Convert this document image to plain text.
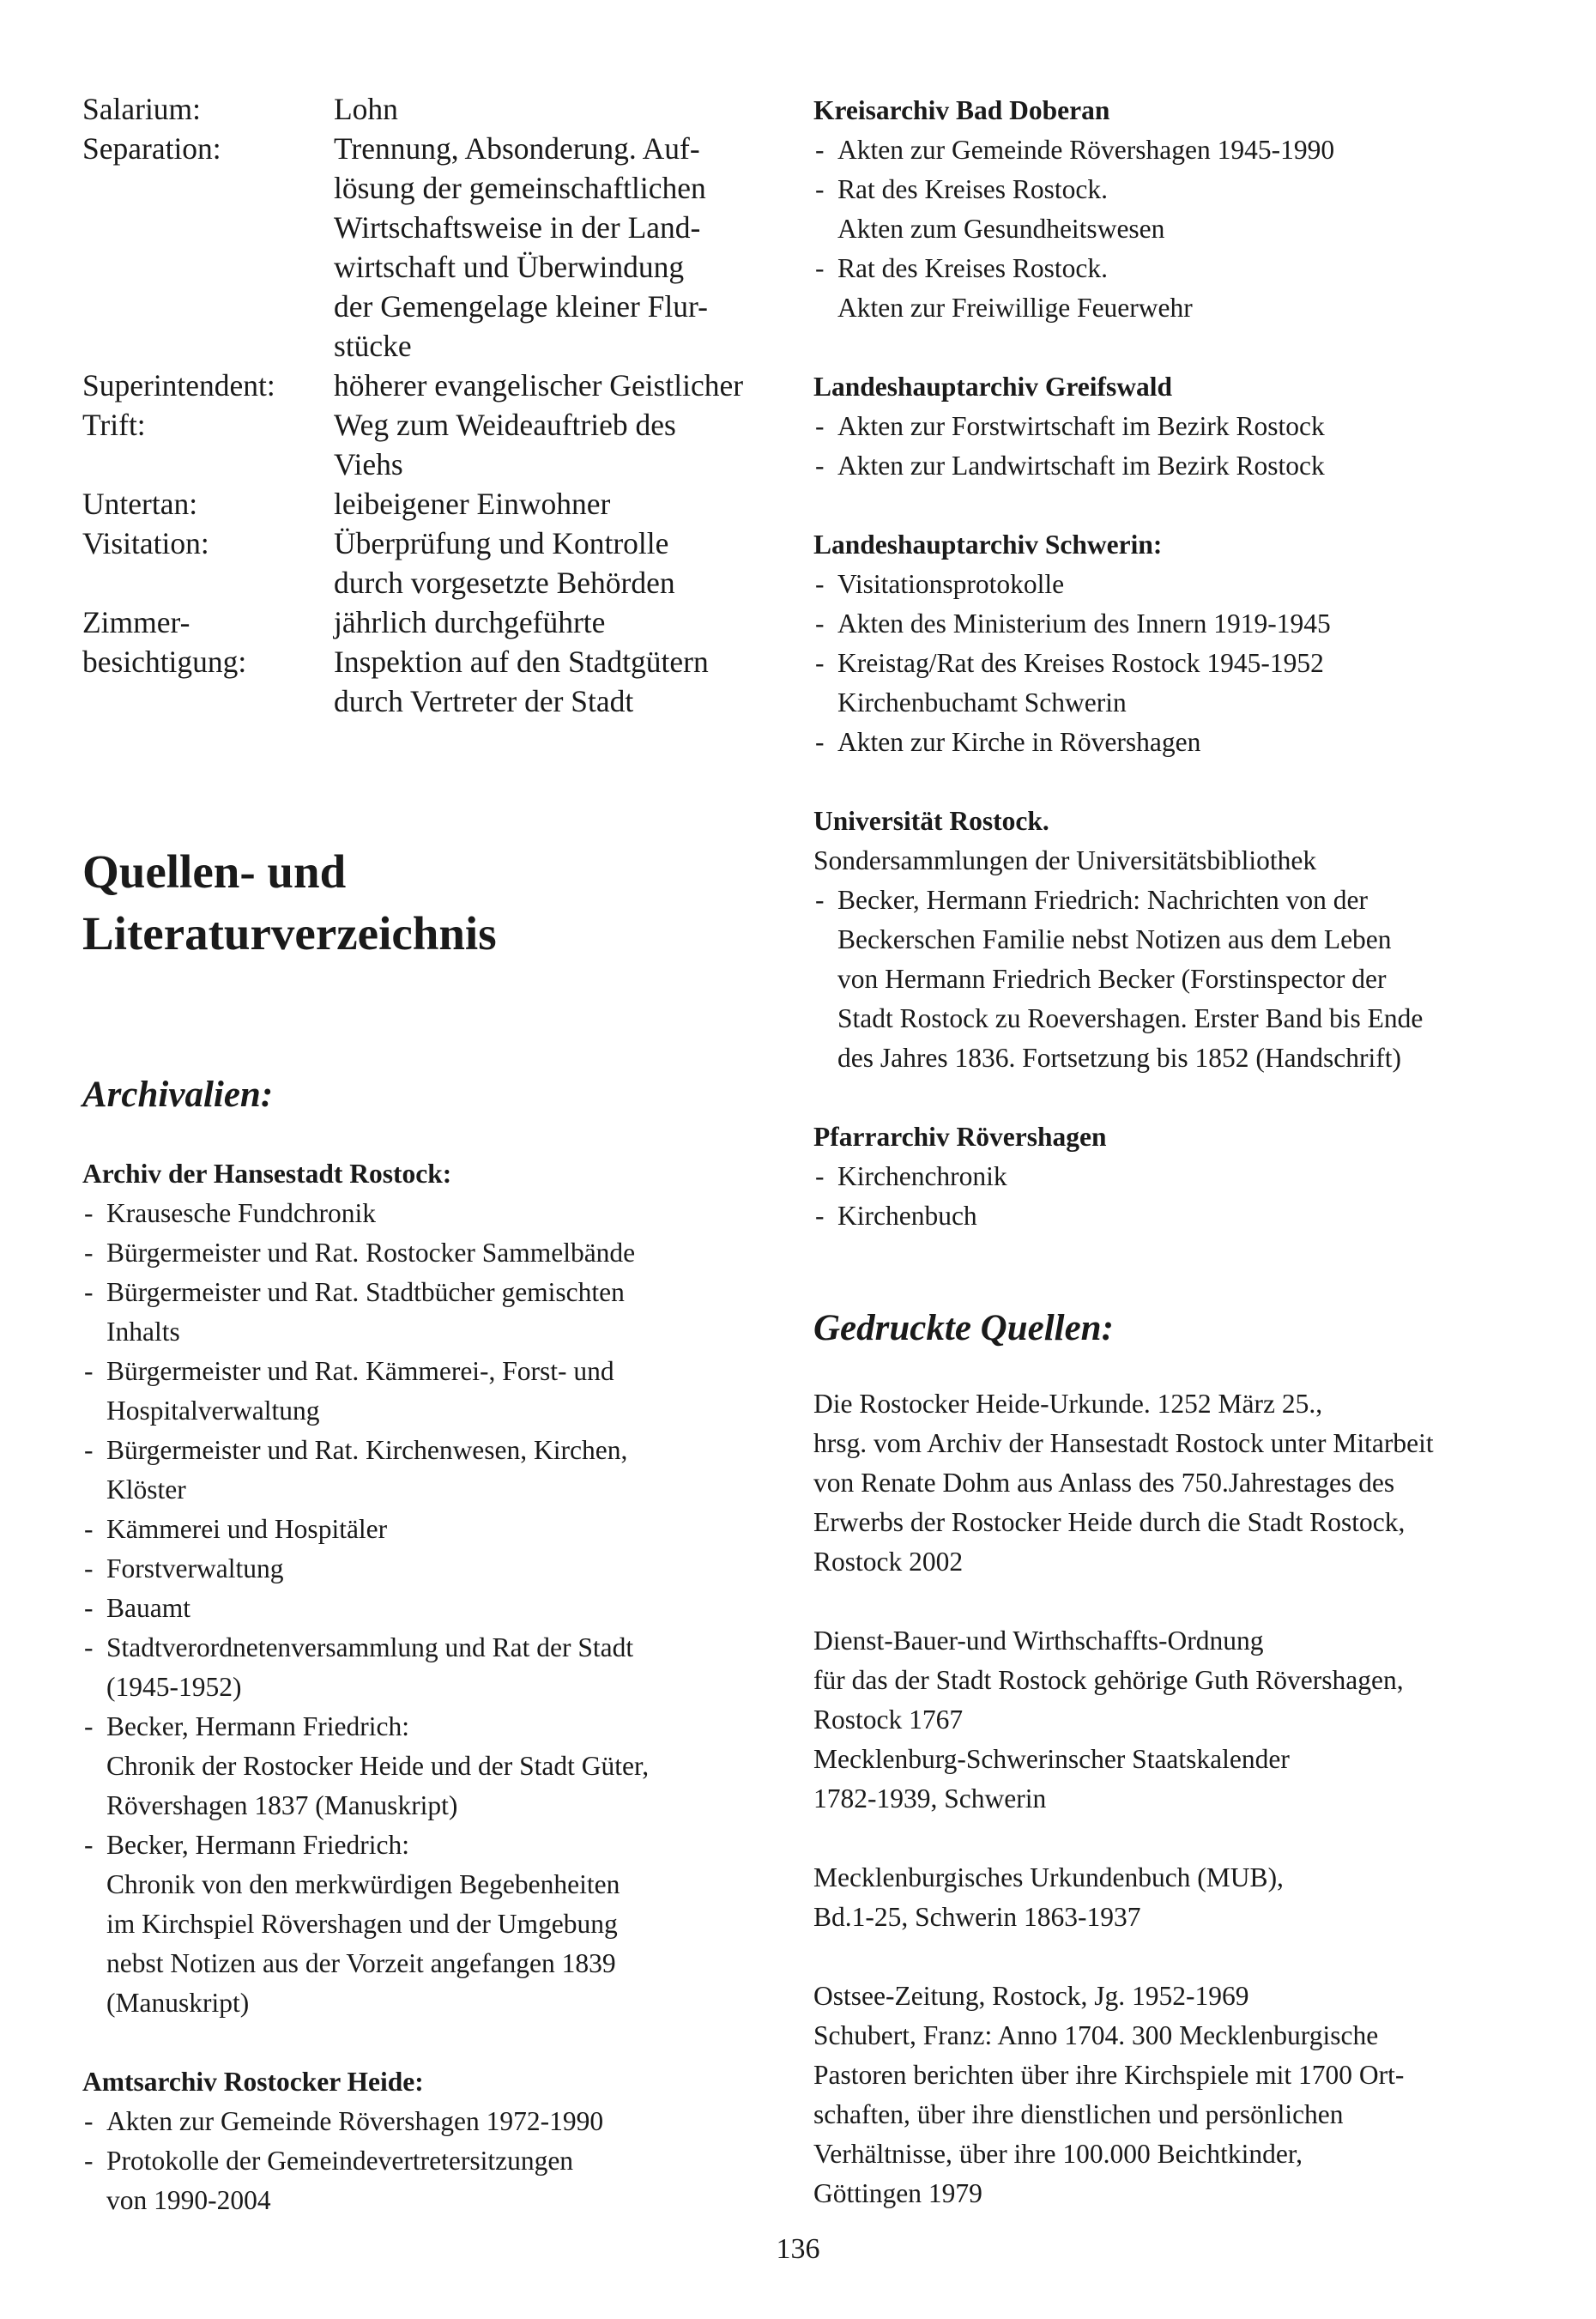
Salarium:	Lohn
Separation:	Trennung, Absonderung. Auf-
lösung der gemeinschaftlichen
Wirtschaftsweise in der Land-
wirtschaft und Überwindung
der Gemengelage kleiner Flur-
stücke
Superintendent:	höherer evangelischer Geistlicher
Trift:	Weg zum Weideauftrieb des
Viehs
Untertan:	leibeigener Einwohner
Visitation:	Überprüfung und Kontrolle
durch vorgesetzte Behörden
Zimmer-	jährlich durchgeführte
besichtigung:	Inspektion auf den Stadtgütern
durch Vertreter der Stadt
Quellen- und
Literaturverzeichnis
Archivalien:
Archiv der Hansestadt Rostock:
- Krausesche Fundchronik
- Bürgermeister und Rat. Rostocker Sammelbände
- Bürgermeister und Rat. Stadtbücher gemischten
Inhalts
- Bürgermeister und Rat. Kämmerei-, Forst- und
Hospitalverwaltung
- Bürgermeister und Rat. Kirchenwesen, Kirchen,
Klöster
- Kämmerei und Hospitäler
- Forstverwaltung
- Bauamt
- Stadtverordnetenversammlung und Rat der Stadt
(1945-1952)
- Becker, Hermann Friedrich:
Chronik der Rostocker Heide und der Stadt Güter,
Rövershagen 1837 (Manuskript)
- Becker, Hermann Friedrich:
Chronik von den merkwürdigen Begebenheiten
im Kirchspiel Rövershagen und der Umgebung
nebst Notizen aus der Vorzeit angefangen 1839
(Manuskript)
Amtsarchiv Rostocker Heide:
- Akten zur Gemeinde Rövershagen 1972-1990
- Protokolle der Gemeindevertretersitzungen
von 1990-2004
Kreisarchiv Bad Doberan
- Akten zur Gemeinde Rövershagen 1945-1990
- Rat des Kreises Rostock.
Akten zum Gesundheitswesen
- Rat des Kreises Rostock.
Akten zur Freiwillige Feuerwehr
Landeshauptarchiv Greifswald
- Akten zur Forstwirtschaft im Bezirk Rostock
- Akten zur Landwirtschaft im Bezirk Rostock
Landeshauptarchiv Schwerin:
- Visitationsprotokolle
- Akten des Ministerium des Innern 1919-1945
- Kreistag/Rat des Kreises Rostock 1945-1952
Kirchenbuchamt Schwerin
- Akten zur Kirche in Rövershagen
Universität Rostock.
Sondersammlungen der Universitätsbibliothek
- Becker, Hermann Friedrich: Nachrichten von der
Beckerschen Familie nebst Notizen aus dem Leben
von Hermann Friedrich Becker (Forstinspector der
Stadt Rostock zu Roevershagen. Erster Band bis Ende
des Jahres 1836. Fortsetzung bis 1852 (Handschrift)
Pfarrarchiv Rövershagen
- Kirchenchronik
- Kirchenbuch
Gedruckte Quellen:

Die Rostocker Heide-Urkunde. 1252 März 25.,

hrsg. vom Archiv der Hansestadt Rostock unter Mitarbeit

von Renate Dohm aus Anlass des 750.Jahrestages des

Erwerbs der Rostocker Heide durch die Stadt Rostock,

Rostock 2002

Dienst-Bauer-und Wirthschaffts-Ordnung

für das der Stadt Rostock gehörige Guth Rövershagen,

Rostock 1767

Mecklenburg-Schwerinscher Staatskalender

1782-1939, Schwerin

Mecklenburgisches Urkundenbuch (MUB),

Bd.1-25, Schwerin 1863-1937

Ostsee-Zeitung, Rostock, Jg. 1952-1969

Schubert, Franz: Anno 1704. 300 Mecklenburgische

Pastoren berichten über ihre Kirchspiele mit 1700 Ort-

schaften, über ihre dienstlichen und persönlichen

Verhältnisse, über ihre 100.000 Beichtkinder,

Göttingen 1979

136
